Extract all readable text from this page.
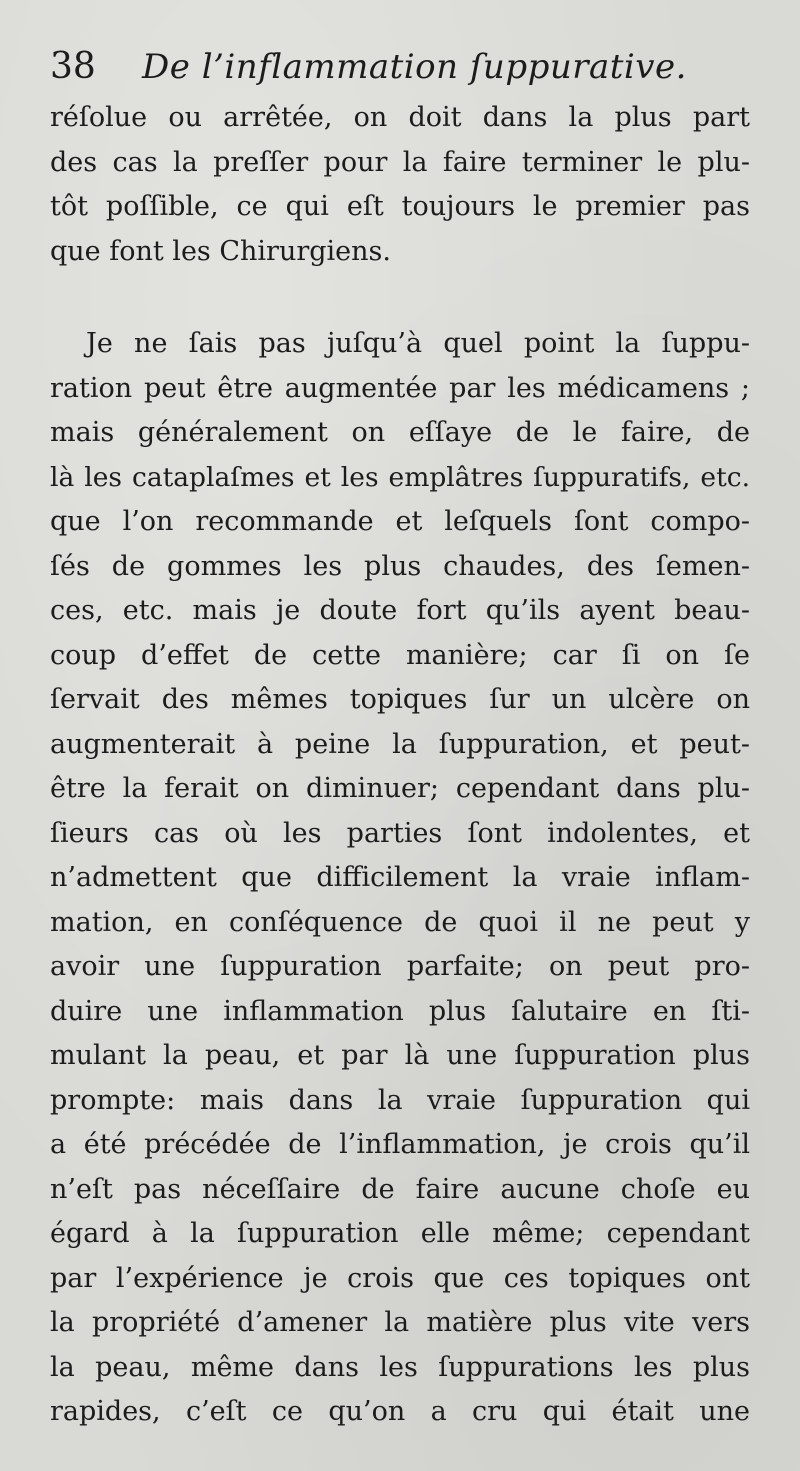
38 De l’inflammation ſuppurative.
réſolue ou arrêtée, on doit dans la plus part
des cas la preſſer pour la faire terminer le plu-
tôt poſſible, ce qui eſt toujours le premier pas
que font les Chirurgiens.
Je ne ſais pas juſqu’à quel point la ſuppu-
ration peut être augmentée par les médicamens ;
mais généralement on eſſaye de le faire, de
là les cataplaſmes et les emplâtres ſuppuratifs, etc.
que l’on recommande et leſquels ſont compo-
ſés de gommes les plus chaudes, des ſemen-
ces, etc. mais je doute fort qu’ils ayent beau-
coup d’effet de cette manière; car ſi on ſe
ſervait des mêmes topiques ſur un ulcère on
augmenterait à peine la ſuppuration, et peut-
être la ferait on diminuer; cependant dans plu-
ſieurs cas où les parties ſont indolentes, et
n’admettent que difficilement la vraie inflam-
mation, en conſéquence de quoi il ne peut y
avoir une ſuppuration parfaite; on peut pro-
duire une inflammation plus ſalutaire en ſti-
mulant la peau, et par là une ſuppuration plus
prompte: mais dans la vraie ſuppuration qui
a été précédée de l’inflammation, je crois qu’il
n’eſt pas néceſſaire de faire aucune choſe eu
égard à la ſuppuration elle même; cependant
par l’expérience je crois que ces topiques ont
la propriété d’amener la matière plus vite vers
la peau, même dans les ſuppurations les plus
rapides, c’eſt ce qu’on a cru qui était une
